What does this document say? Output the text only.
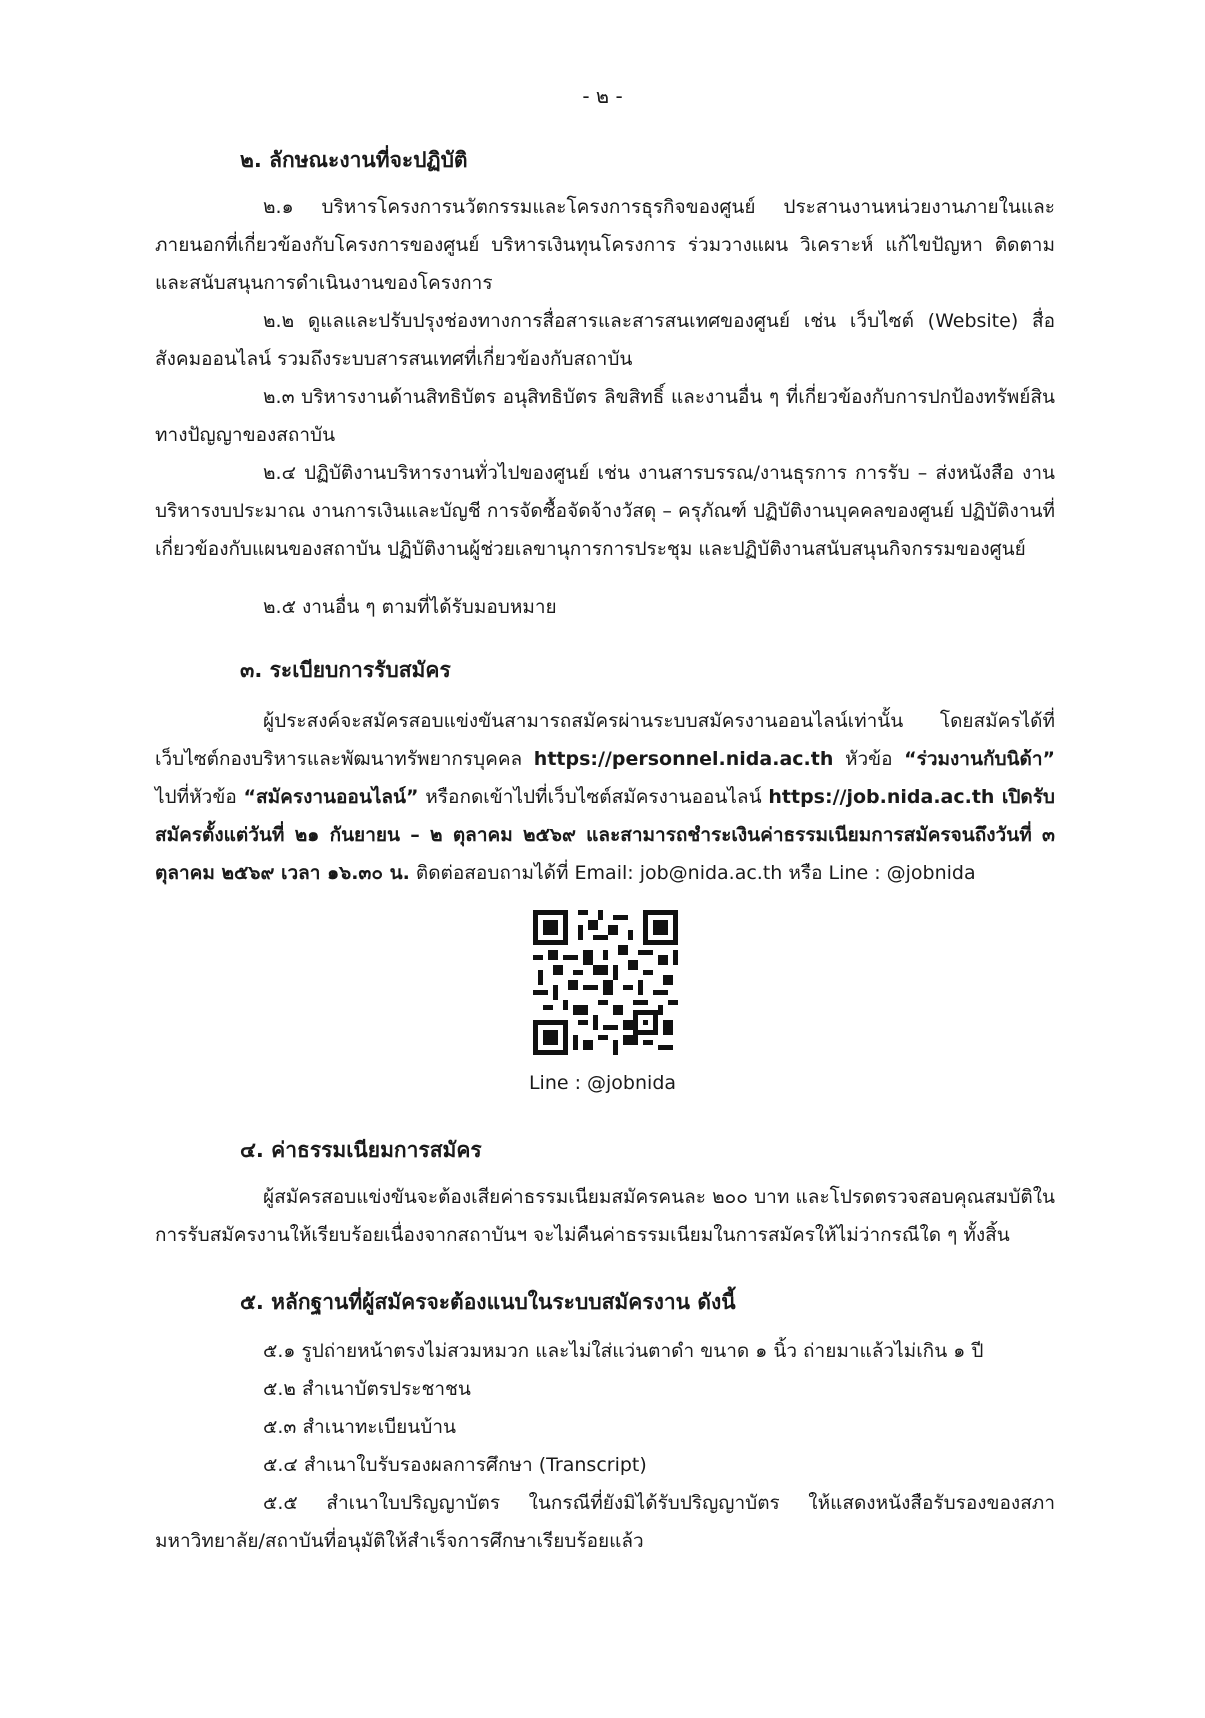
- ๒ -
๒. ลักษณะงานที่จะปฏิบัติ
๒.๑ บริหารโครงการนวัตกรรมและโครงการธุรกิจของศูนย์ ประสานงานหน่วยงานภายในและภายนอกที่เกี่ยวข้องกับโครงการของศูนย์ บริหารเงินทุนโครงการ ร่วมวางแผน วิเคราะห์ แก้ไขปัญหา ติดตาม และสนับสนุนการดำเนินงานของโครงการ
๒.๒ ดูแลและปรับปรุงช่องทางการสื่อสารและสารสนเทศของศูนย์ เช่น เว็บไซต์ (Website) สื่อสังคมออนไลน์ รวมถึงระบบสารสนเทศที่เกี่ยวข้องกับสถาบัน
๒.๓ บริหารงานด้านสิทธิบัตร อนุสิทธิบัตร ลิขสิทธิ์ และงานอื่น ๆ ที่เกี่ยวข้องกับการปกป้องทรัพย์สินทางปัญญาของสถาบัน
๒.๔ ปฏิบัติงานบริหารงานทั่วไปของศูนย์ เช่น งานสารบรรณ/งานธุรการ การรับ – ส่งหนังสือ งานบริหารงบประมาณ งานการเงินและบัญชี การจัดซื้อจัดจ้างวัสดุ – ครุภัณฑ์ ปฏิบัติงานบุคคลของศูนย์ ปฏิบัติงานที่เกี่ยวข้องกับแผนของสถาบัน ปฏิบัติงานผู้ช่วยเลขานุการการประชุม และปฏิบัติงานสนับสนุนกิจกรรมของศูนย์
๒.๕ งานอื่น ๆ ตามที่ได้รับมอบหมาย
๓. ระเบียบการรับสมัคร
ผู้ประสงค์จะสมัครสอบแข่งขันสามารถสมัครผ่านระบบสมัครงานออนไลน์เท่านั้น โดยสมัครได้ที่เว็บไซต์กองบริหารและพัฒนาทรัพยากรบุคคล https://personnel.nida.ac.th หัวข้อ “ร่วมงานกับนิด้า” ไปที่หัวข้อ “สมัครงานออนไลน์” หรือกดเข้าไปที่เว็บไซต์สมัครงานออนไลน์ https://job.nida.ac.th เปิดรับสมัครตั้งแต่วันที่ ๒๑ กันยายน – ๒ ตุลาคม ๒๕๖๙ และสามารถชำระเงินค่าธรรมเนียมการสมัครจนถึงวันที่ ๓ ตุลาคม ๒๕๖๙ เวลา ๑๖.๓๐ น. ติดต่อสอบถามได้ที่ Email: job@nida.ac.th หรือ Line : @jobnida
Line : @jobnida
๔. ค่าธรรมเนียมการสมัคร
ผู้สมัครสอบแข่งขันจะต้องเสียค่าธรรมเนียมสมัครคนละ ๒๐๐ บาท และโปรดตรวจสอบคุณสมบัติในการรับสมัครงานให้เรียบร้อยเนื่องจากสถาบันฯ จะไม่คืนค่าธรรมเนียมในการสมัครให้ไม่ว่ากรณีใด ๆ ทั้งสิ้น
๕. หลักฐานที่ผู้สมัครจะต้องแนบในระบบสมัครงาน ดังนี้
๕.๑ รูปถ่ายหน้าตรงไม่สวมหมวก และไม่ใส่แว่นตาดำ ขนาด ๑ นิ้ว ถ่ายมาแล้วไม่เกิน ๑ ปี
๕.๒ สำเนาบัตรประชาชน
๕.๓ สำเนาทะเบียนบ้าน
๕.๔ สำเนาใบรับรองผลการศึกษา (Transcript)
๕.๕ สำเนาใบปริญญาบัตร ในกรณีที่ยังมิได้รับปริญญาบัตร ให้แสดงหนังสือรับรองของสภามหาวิทยาลัย/สถาบันที่อนุมัติให้สำเร็จการศึกษาเรียบร้อยแล้ว
